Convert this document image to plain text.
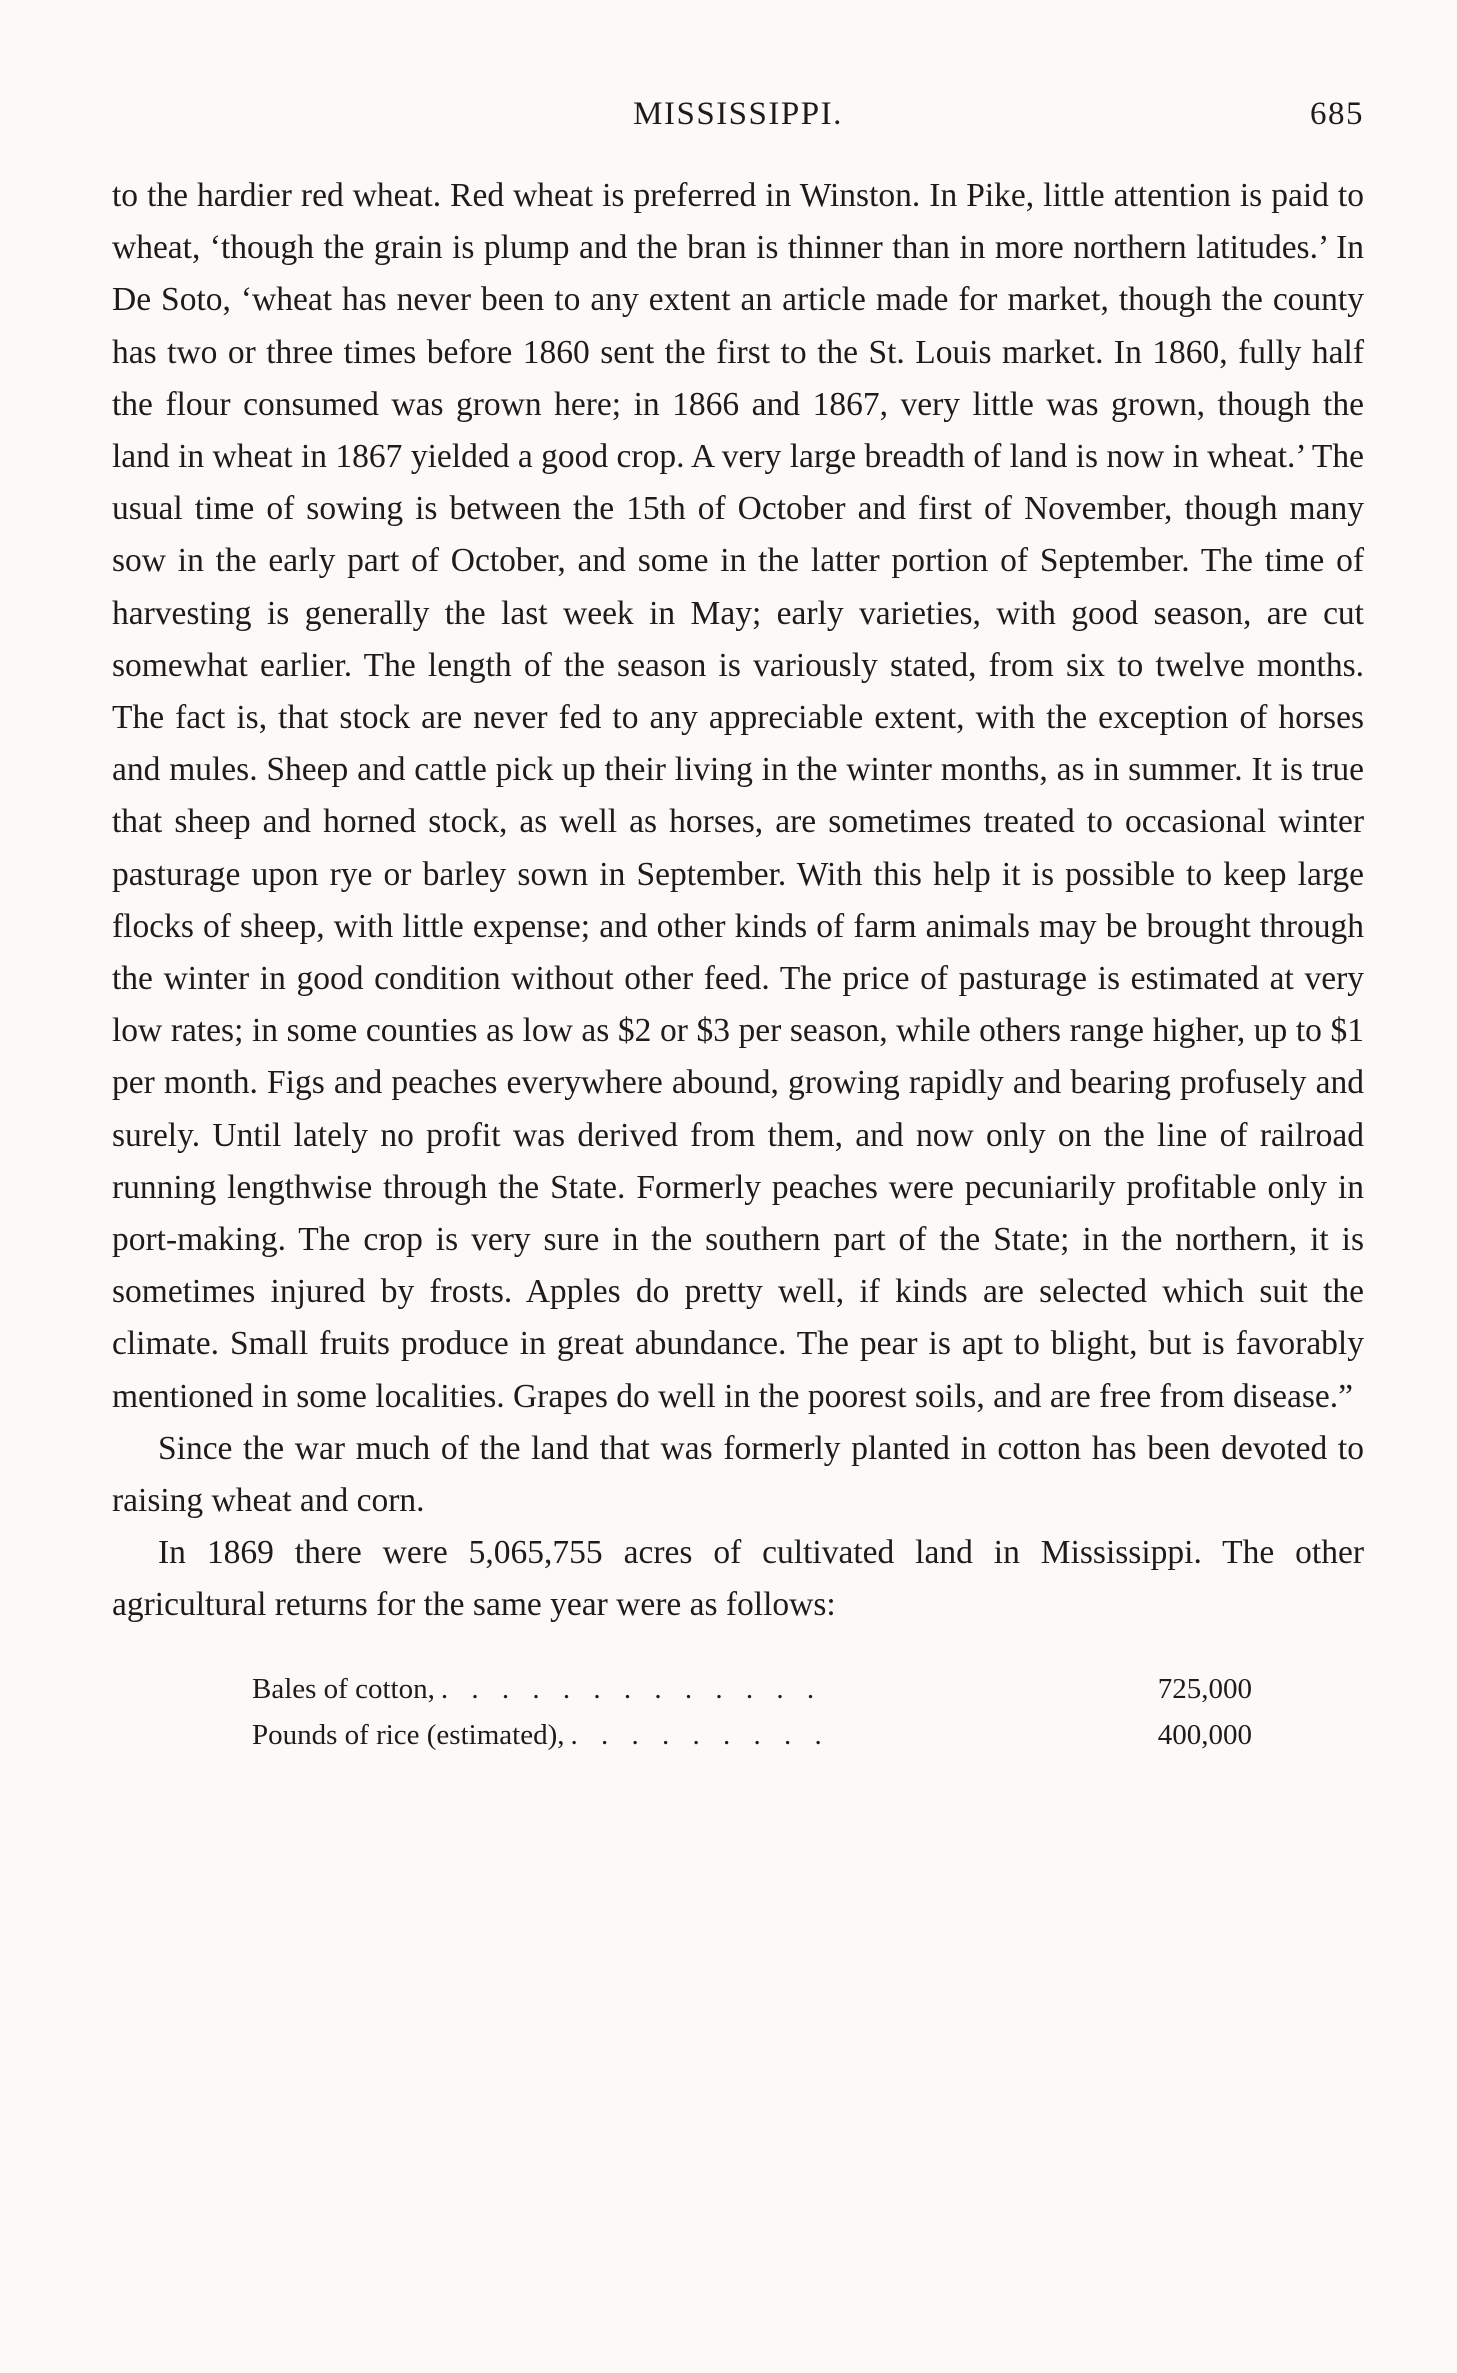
MISSISSIPPI.	685

to the hardier red wheat. Red wheat is preferred in Winston. In Pike, little attention is paid to wheat, ‘though the grain is plump and the bran is thinner than in more northern latitudes.’ In De Soto, ‘wheat has never been to any extent an article made for market, though the county has two or three times before 1860 sent the first to the St. Louis market. In 1860, fully half the flour consumed was grown here; in 1866 and 1867, very little was grown, though the land in wheat in 1867 yielded a good crop. A very large breadth of land is now in wheat.’ The usual time of sowing is between the 15th of October and first of November, though many sow in the early part of October, and some in the latter portion of September. The time of harvesting is generally the last week in May; early varieties, with good season, are cut somewhat earlier. The length of the season is variously stated, from six to twelve months. The fact is, that stock are never fed to any appreciable extent, with the exception of horses and mules. Sheep and cattle pick up their living in the winter months, as in summer. It is true that sheep and horned stock, as well as horses, are sometimes treated to occasional winter pasturage upon rye or barley sown in September. With this help it is possible to keep large flocks of sheep, with little expense; and other kinds of farm animals may be brought through the winter in good condition without other feed. The price of pasturage is estimated at very low rates; in some counties as low as $2 or $3 per season, while others range higher, up to $1 per month. Figs and peaches everywhere abound, growing rapidly and bearing profusely and surely. Until lately no profit was derived from them, and now only on the line of railroad running lengthwise through the State. Formerly peaches were pecuniarily profitable only in port-making. The crop is very sure in the southern part of the State; in the northern, it is sometimes injured by frosts. Apples do pretty well, if kinds are selected which suit the climate. Small fruits produce in great abundance. The pear is apt to blight, but is favorably mentioned in some localities. Grapes do well in the poorest soils, and are free from disease.”

Since the war much of the land that was formerly planted in cotton has been devoted to raising wheat and corn.

In 1869 there were 5,065,755 acres of cultivated land in Mississippi. The other agricultural returns for the same year were as follows:

Bales of cotton, . . . . . . . . . . . . .	725,000
Pounds of rice (estimated), . . . . . . . . .	400,000
